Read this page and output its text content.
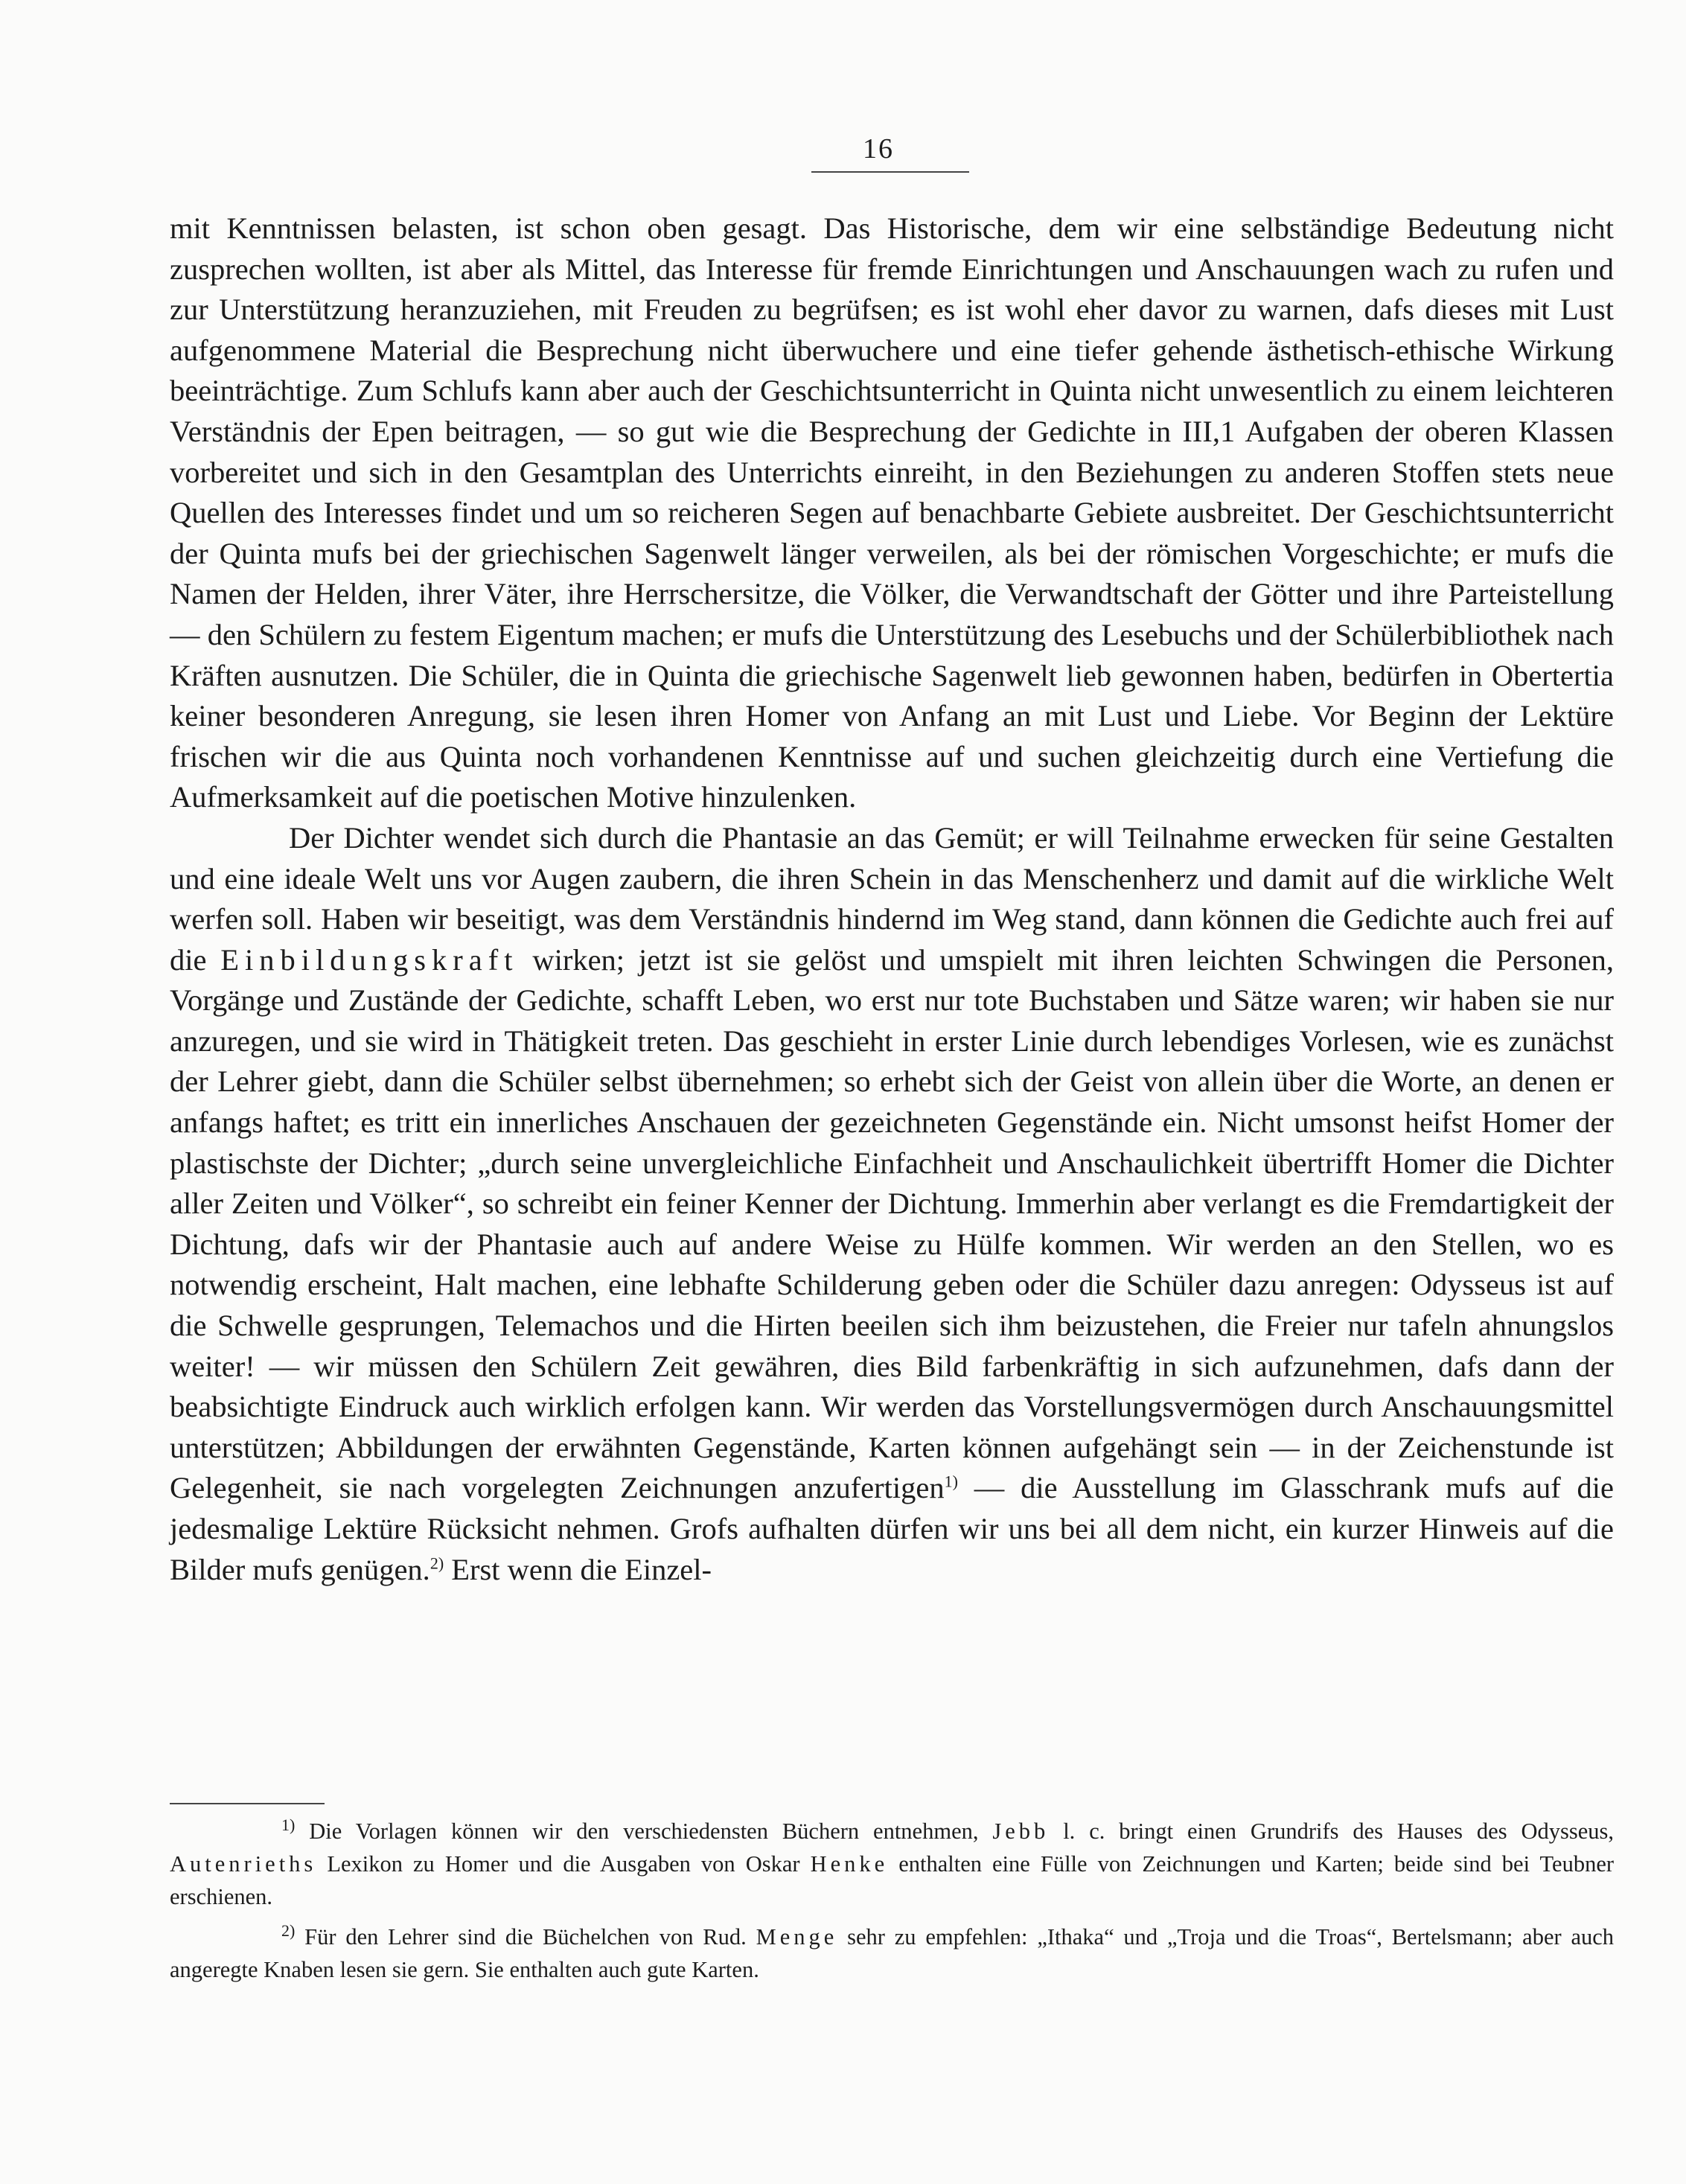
16

mit Kenntnissen belasten, ist schon oben gesagt. Das Historische, dem wir eine selbständige Bedeutung nicht zusprechen wollten, ist aber als Mittel, das Interesse für fremde Einrichtungen und Anschauungen wach zu rufen und zur Unterstützung heranzuziehen, mit Freuden zu begrüfsen; es ist wohl eher davor zu warnen, dafs dieses mit Lust aufgenommene Material die Besprechung nicht überwuchere und eine tiefer gehende ästhetisch-ethische Wirkung beeinträchtige. Zum Schlufs kann aber auch der Geschichtsunterricht in Quinta nicht unwesentlich zu einem leichteren Verständnis der Epen beitragen, — so gut wie die Besprechung der Gedichte in III,1 Aufgaben der oberen Klassen vorbereitet und sich in den Gesamtplan des Unterrichts einreiht, in den Beziehungen zu anderen Stoffen stets neue Quellen des Interesses findet und um so reicheren Segen auf benachbarte Gebiete ausbreitet. Der Geschichtsunterricht der Quinta mufs bei der griechischen Sagenwelt länger verweilen, als bei der römischen Vorgeschichte; er mufs die Namen der Helden, ihrer Väter, ihre Herrschersitze, die Völker, die Verwandtschaft der Götter und ihre Parteistellung — den Schülern zu festem Eigentum machen; er mufs die Unterstützung des Lesebuchs und der Schülerbibliothek nach Kräften ausnutzen. Die Schüler, die in Quinta die griechische Sagenwelt lieb gewonnen haben, bedürfen in Obertertia keiner besonderen Anregung, sie lesen ihren Homer von Anfang an mit Lust und Liebe. Vor Beginn der Lektüre frischen wir die aus Quinta noch vorhandenen Kenntnisse auf und suchen gleichzeitig durch eine Vertiefung die Aufmerksamkeit auf die poetischen Motive hinzulenken.

Der Dichter wendet sich durch die Phantasie an das Gemüt; er will Teilnahme erwecken für seine Gestalten und eine ideale Welt uns vor Augen zaubern, die ihren Schein in das Menschenherz und damit auf die wirkliche Welt werfen soll. Haben wir beseitigt, was dem Verständnis hindernd im Weg stand, dann können die Gedichte auch frei auf die Einbildungskraft wirken; jetzt ist sie gelöst und umspielt mit ihren leichten Schwingen die Personen, Vorgänge und Zustände der Gedichte, schafft Leben, wo erst nur tote Buchstaben und Sätze waren; wir haben sie nur anzuregen, und sie wird in Thätigkeit treten. Das geschieht in erster Linie durch lebendiges Vorlesen, wie es zunächst der Lehrer giebt, dann die Schüler selbst übernehmen; so erhebt sich der Geist von allein über die Worte, an denen er anfangs haftet; es tritt ein innerliches Anschauen der gezeichneten Gegenstände ein. Nicht umsonst heifst Homer der plastischste der Dichter; „durch seine unvergleichliche Einfachheit und Anschaulichkeit übertrifft Homer die Dichter aller Zeiten und Völker“, so schreibt ein feiner Kenner der Dichtung. Immerhin aber verlangt es die Fremdartigkeit der Dichtung, dafs wir der Phantasie auch auf andere Weise zu Hülfe kommen. Wir werden an den Stellen, wo es notwendig erscheint, Halt machen, eine lebhafte Schilderung geben oder die Schüler dazu anregen: Odysseus ist auf die Schwelle gesprungen, Telemachos und die Hirten beeilen sich ihm beizustehen, die Freier nur tafeln ahnungslos weiter! — wir müssen den Schülern Zeit gewähren, dies Bild farbenkräftig in sich aufzunehmen, dafs dann der beabsichtigte Eindruck auch wirklich erfolgen kann. Wir werden das Vorstellungsvermögen durch Anschauungsmittel unterstützen; Abbildungen der erwähnten Gegenstände, Karten können aufgehängt sein — in der Zeichenstunde ist Gelegenheit, sie nach vorgelegten Zeichnungen anzufertigen$^{1)}$ — die Ausstellung im Glasschrank mufs auf die jedesmalige Lektüre Rücksicht nehmen. Grofs aufhalten dürfen wir uns bei all dem nicht, ein kurzer Hinweis auf die Bilder mufs genügen.$^{2)}$ Erst wenn die Einzel-

$^{1)}$ Die Vorlagen können wir den verschiedensten Büchern entnehmen, Jebb l. c. bringt einen Grundrifs des Hauses des Odysseus, Autenrieths Lexikon zu Homer und die Ausgaben von Oskar Henke enthalten eine Fülle von Zeichnungen und Karten; beide sind bei Teubner erschienen.

$^{2)}$ Für den Lehrer sind die Büchelchen von Rud. Menge sehr zu empfehlen: „Ithaka“ und „Troja und die Troas“, Bertelsmann; aber auch angeregte Knaben lesen sie gern. Sie enthalten auch gute Karten.
